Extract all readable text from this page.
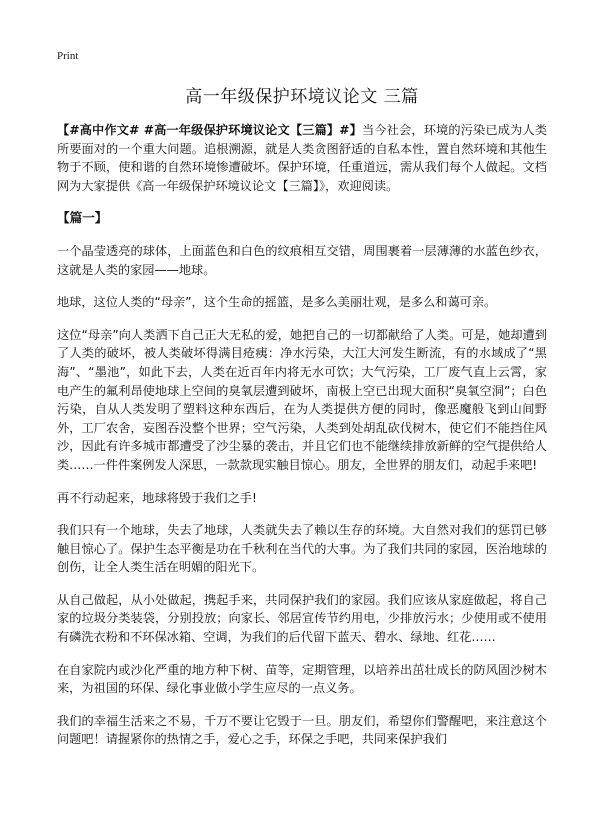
Print
高一年级保护环境议论文 三篇

【#高中作文# #高一年级保护环境议论文【三篇】#】当今社会，环境的污染已成为人类所要面对的一个重大问题。追根溯源，就是人类贪图舒适的自私本性，置自然环境和其他生物于不顾，使和谐的自然环境惨遭破坏。保护环境，任重道远，需从我们每个人做起。文档网为大家提供《高一年级保护环境议论文【三篇】》，欢迎阅读。

【篇一】

一个晶莹透亮的球体，上面蓝色和白色的纹痕相互交错，周围裹着一层薄薄的水蓝色纱衣，这就是人类的家园——地球。

地球，这位人类的“母亲”，这个生命的摇篮，是多么美丽壮观，是多么和蔼可亲。

这位“母亲”向人类洒下自己正大无私的爱，她把自己的一切都献给了人类。可是，她却遭到了人类的破坏，被人类破坏得满目疮痍：净水污染，大江大河发生断流，有的水域成了“黑海”、“墨池”，如此下去，人类在近百年内将无水可饮；大气污染，工厂废气直上云霄，家电产生的氟利昂使地球上空间的臭氧层遭到破坏，南极上空已出现大面积“臭氧空洞”；白色污染，自从人类发明了塑料这种东西后，在为人类提供方便的同时，像恶魔般飞到山间野外，工厂农舍，妄图吞没整个世界；空气污染，人类到处胡乱砍伐树木，使它们不能挡住风沙，因此有许多城市都遭受了沙尘暴的袭击，并且它们也不能继续排放新鲜的空气提供给人类……一件件案例发人深思，一款款现实触目惊心。朋友，全世界的朋友们，动起手来吧!

再不行动起来，地球将毁于我们之手!

我们只有一个地球，失去了地球，人类就失去了赖以生存的环境。大自然对我们的惩罚已够触目惊心了。保护生态平衡是功在千秋利在当代的大事。为了我们共同的家园，医治地球的创伤，让全人类生活在明媚的阳光下。

从自己做起，从小处做起，携起手来，共同保护我们的家园。我们应该从家庭做起，将自己家的垃圾分类装袋，分别投放；向家长、邻居宣传节约用电，少排放污水；少使用或不使用有磷洗衣粉和不环保冰箱、空调，为我们的后代留下蓝天、碧水、绿地、红花……

在自家院内或沙化严重的地方种下树、苗等，定期管理，以培养出茁壮成长的防风固沙树木来，为祖国的环保、绿化事业做小学生应尽的一点义务。

我们的幸福生活来之不易，千万不要让它毁于一旦。朋友们，希望你们警醒吧，来注意这个问题吧！请握紧你的热情之手，爱心之手，环保之手吧，共同来保护我们
